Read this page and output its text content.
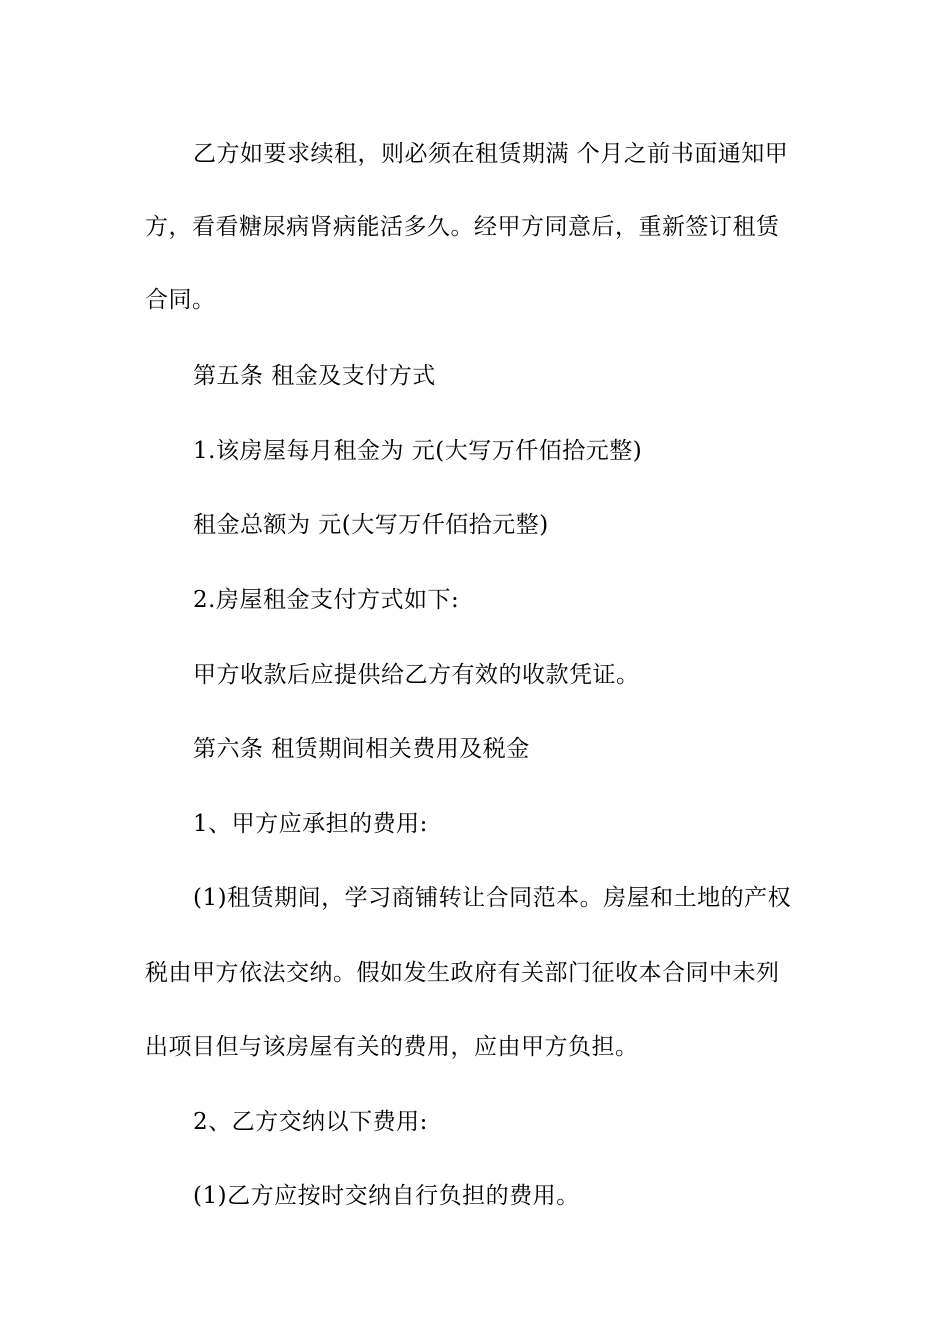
乙方如要求续租，则必须在租赁期满 个月之前书面通知甲
方，看看糖尿病肾病能活多久。经甲方同意后，重新签订租赁
合同。
第五条 租金及支付方式
1.该房屋每月租金为 元(大写万仟佰拾元整)
租金总额为 元(大写万仟佰拾元整)
2.房屋租金支付方式如下:
甲方收款后应提供给乙方有效的收款凭证。
第六条 租赁期间相关费用及税金
1、甲方应承担的费用:
(1)租赁期间，学习商铺转让合同范本。房屋和土地的产权
税由甲方依法交纳。假如发生政府有关部门征收本合同中未列
出项目但与该房屋有关的费用，应由甲方负担。
2、乙方交纳以下费用:
(1)乙方应按时交纳自行负担的费用。
